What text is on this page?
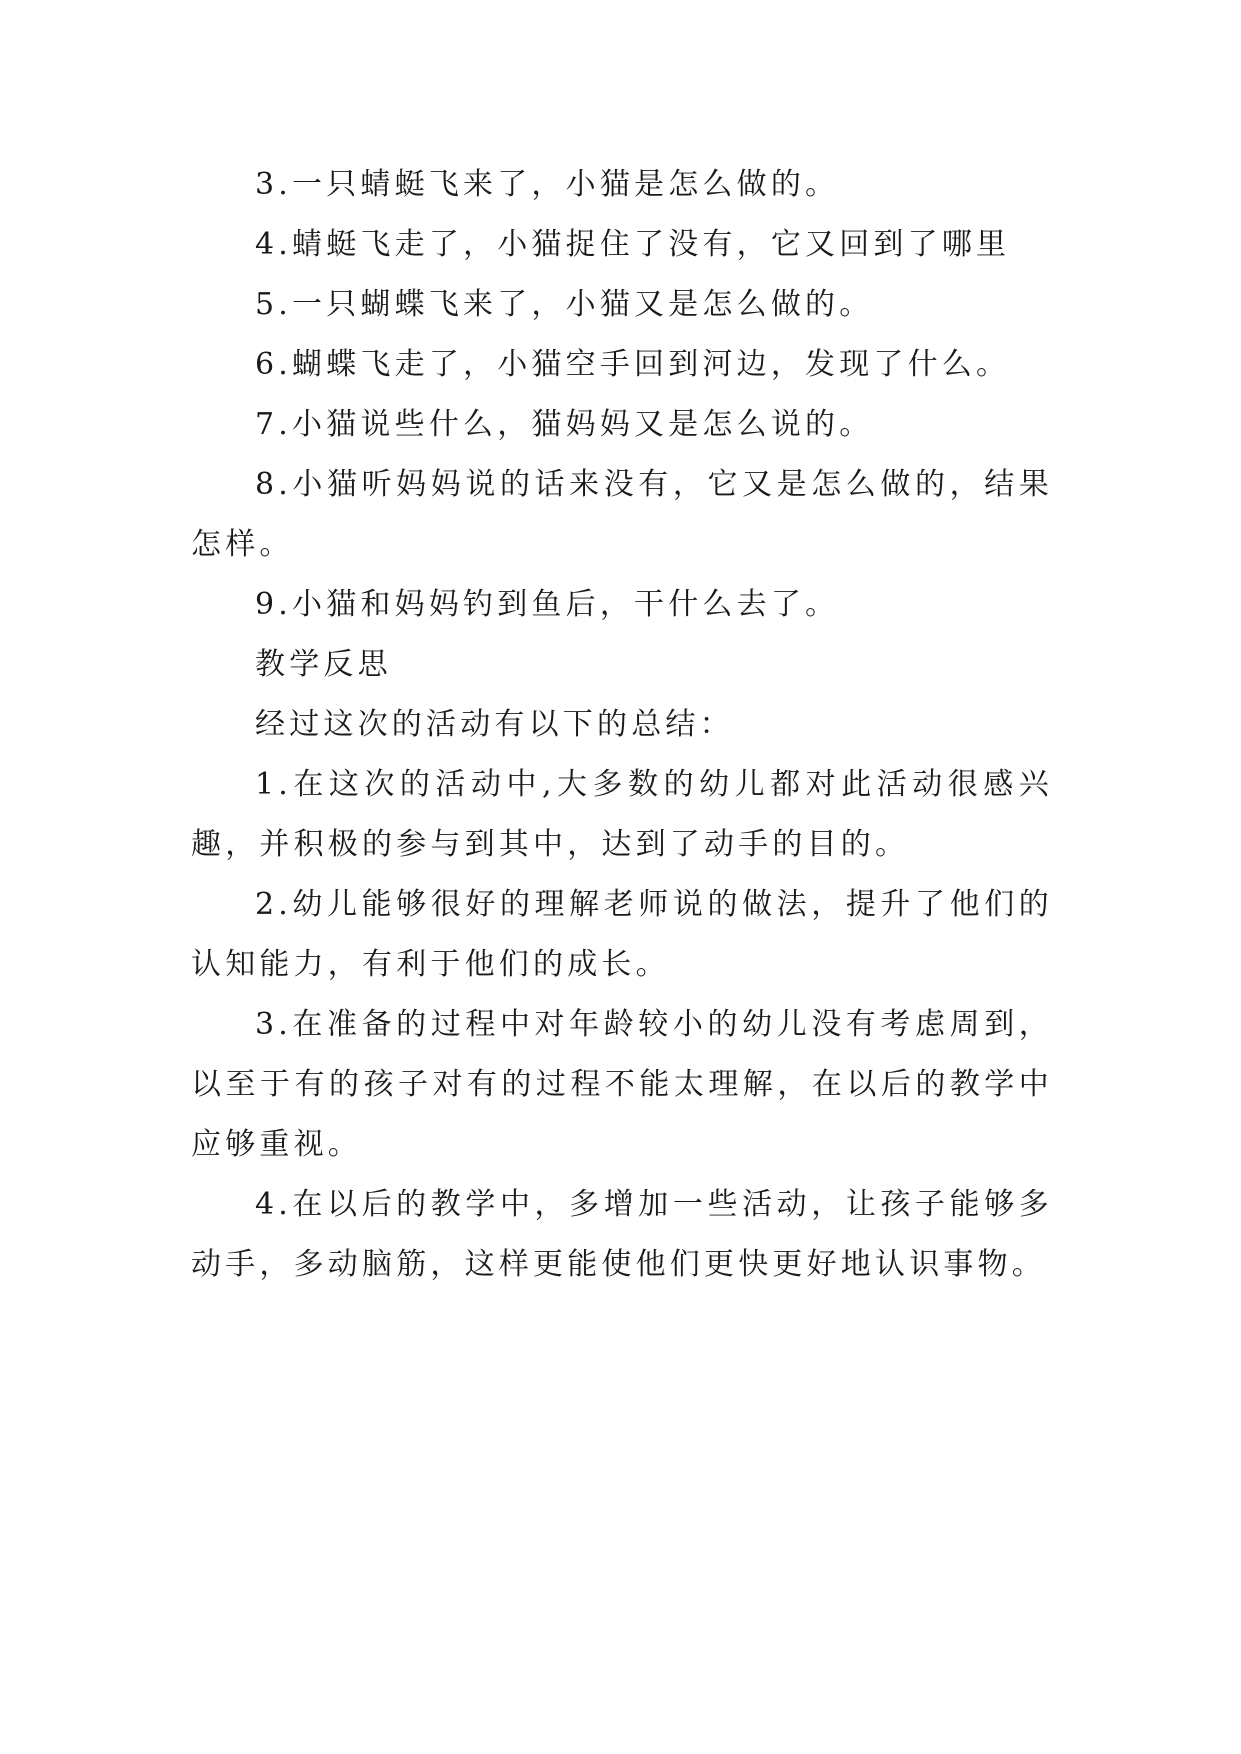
3.一只蜻蜓飞来了，小猫是怎么做的。

4.蜻蜓飞走了，小猫捉住了没有，它又回到了哪里

5.一只蝴蝶飞来了，小猫又是怎么做的。

6.蝴蝶飞走了，小猫空手回到河边，发现了什么。

7.小猫说些什么，猫妈妈又是怎么说的。

8.小猫听妈妈说的话来没有，它又是怎么做的，结果怎样。

9.小猫和妈妈钓到鱼后，干什么去了。

教学反思

经过这次的活动有以下的总结：

1.在这次的活动中,大多数的幼儿都对此活动很感兴趣，并积极的参与到其中，达到了动手的目的。

2.幼儿能够很好的理解老师说的做法，提升了他们的认知能力，有利于他们的成长。

3.在准备的过程中对年龄较小的幼儿没有考虑周到，以至于有的孩子对有的过程不能太理解，在以后的教学中应够重视。

4.在以后的教学中，多增加一些活动，让孩子能够多动手，多动脑筋，这样更能使他们更快更好地认识事物。
